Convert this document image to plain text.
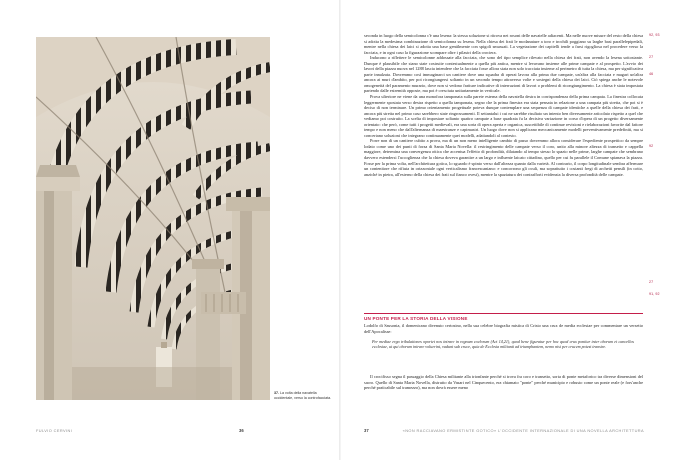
37. La volta della navatella occidentale, verso la controfacciata.
FULVIO CERVINI	36

seconda in luogo della semicolonna c'è una lesena: la stessa soluzione si ritrova nei rosoni delle navatelle adiacenti. Ma nelle nuove misure del resto della chiesa si adotta la medesima combinazione di semicolonna su lesena. Nella chiesa dei frati le modanature a toro e trochili poggiano su larghe basi parallelepipedali, mentre nella chiesa dei laici si adotta una base gentilmente con spigoli smussati. La vegetazione dei capitelli tende a farsi rigogliosa nel procedere verso la facciata, e in ogni caso la figurazione scompare oltre i pilastri della crociera.

Inducono a riflettere le semicolonne addossate alla facciata, che sono del tipo semplice rilevato nella chiesa dei frati, non avendo la lesena sottostante. Dunque è plausibile che siano state costruite contestualmente a quella più antica, mentre si levavano insieme alle prime campate e al prospetto. L'avvio dei lavori della piazza nuova nel 1288 lascia intendere che la facciata fosse allora stata non solo tracciata insieme al perimetro di tutta la chiesa, ma per significativa parte innalzata. Dovremmo così immaginarci un cantiere dove una squadra di operai lavora alla prima due campate, un'altra alla facciata e magari un'altra ancora ai muri d'ambito, per poi ricongiungersi soltanto in un secondo tempo attraverso volte e sostegni della chiesa dei laici. Ciò spiega anche le notevole omogeneità del paramento murario, dove non si vedono fratture indicative di interruzioni di lavori o problemi di ricongiungimento. La chiesa è stata impostata partendo dalle estremità opposte, ma poi è cresciuta unitariamente in verticale.

Prova ulteriore ne viene da una monofora tamponata sulla parete esterna della navatella destra in corrispondenza della prima campata. La finestra collocata leggermente spostata verso destra rispetto a quella tamponata, segno che la prima finestra era stata pensata in relazione a una campata più stretta, che poi si è deciso di non terminare. Un primo orientamento progettuale poteva dunque contemplare una sequenza di campate identiche a quelle della chiesa dei frati, e ancora più stretta nel primo caso sarebbero state ringrossamenti. Il settantalui i cui ne sarebbe risultato un intento ben diversamente articolato rispetto a quel che vediamo poi costruito. La scelta di impostare soltanto quattro campate a base quadrata fu la decisiva variazione in corso d'opera di un progetto diversamente orientato: che però, come tutti i progetti medievali, era una sorta di opera aperta e organica, suscettibile di continue revisioni e rielaborazioni favorite dal fattore tempo e non meno che dall'alternanza di maestranze e capimastri. Un luogo dove non si applicano meccanicamente modelli preventivamente predefiniti, ma si concertano soluzioni che integrano continuamente quei modelli, adattandoli al contesto.

Porre non di un cantiere cubito a prova, ma di un non meno intelligente cambio di passo dovremmo allora considerare l'espediente prospettico da sempre lodato come uno dei punti di forza di Santa Maria Novella: il restringimento delle campate verso il coro, unito alla minore altezza di transetto e cappella maggiore, determina una convergenza ottica che accentua l'effetto di profondità, dilatando al tempo stesso lo spazio nelle prime, larghe campate che sembrano davvero estendersi l'accoglienza che la chiesa doveva garantire a un largo e influente laicato cittadino, quello per cui fu parallele il Comune spianava la piazza. Fosse per la prima volta, nell'architettura gotica, lo sguardo è spinto verso dall'altezza quanto dalla varietà. Al contrario, il corpo longitudinale sembra affermare un contenitore che rifiuta in orizzontale ogni verticalismo francescaniano: e concorrono gli oculi, ma soprattutto i costanti fregi di archetti pensili (in cotto, anziché in pietra, all'esterno della chiesa dei frati sul fianco ovest), mentre la spaziatura dei contrafforti evidenzia la diversa profondità delle campate.

92, 93
27
46
92
27
91, 92
UN PONTE PER LA STORIA DELLA VISIONE
Lodolfo di Sassonia, il domenicano divenuto certosino, nella sua celebre biografia mistica di Cristo una crux de media ecclesiae per commentare un versetto dell'Apocalisse:
Per mediae ergo tribulationes oportet nos intrare in regnum coelorum (Act 14,21), quod bene figuratur per hoc quod crux ponitur inter chorum et cancellos ecclesiae, ut qui chorum intrare voluerint, vadunt sub cruce, quia de Ecclesia militanti ad triumphantem, nemo nisi per crucem potest transire.

Il crocifisso segna il passaggio della Chiesa militante alla trionfante perché si trova fra coro e transetto, sorta di ponte metaforico tra diverse dimensioni del sacro. Quello di Santa Maria Novella, distrutto da Vasari nel Cinquecento, era chiamato "ponte" perché municipio e robusto come un ponte reale (e fors'anche perché praticabile sul tramezzo), ma non dovrà essere meno

37	«NON RACCIAVANO ERMISTINTE GOTICO» L'OCCIDENTE INTERNAZIONALE DI UNA NOVELLA ARCHITETTURA
